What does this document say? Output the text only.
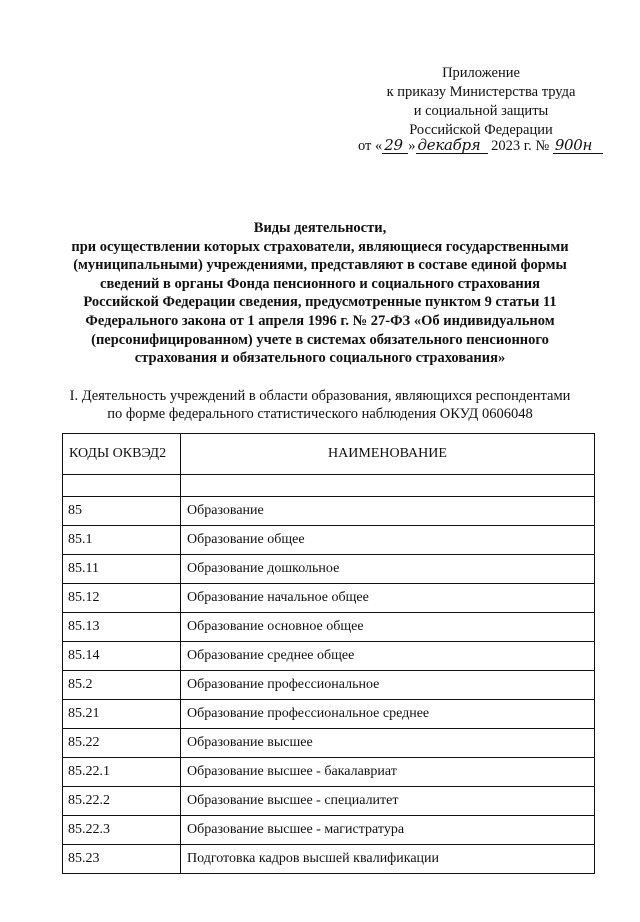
Приложение
к приказу Министерства труда
и социальной защиты
Российской Федерации
от « 29 » декабря 2023 г. № 900н
Виды деятельности,
при осуществлении которых страхователи, являющиеся государственными
(муниципальными) учреждениями, представляют в составе единой формы
сведений в органы Фонда пенсионного и социального страхования
Российской Федерации сведения, предусмотренные пунктом 9 статьи 11
Федерального закона от 1 апреля 1996 г. № 27-ФЗ «Об индивидуальном
(персонифицированном) учете в системах обязательного пенсионного
страхования и обязательного социального страхования»
I. Деятельность учреждений в области образования, являющихся респондентами
по форме федерального статистического наблюдения ОКУД 0606048
КОДЫ ОКВЭД2	НАИМЕНОВАНИЕ

85	Образование
85.1	Образование общее
85.11	Образование дошкольное
85.12	Образование начальное общее
85.13	Образование основное общее
85.14	Образование среднее общее
85.2	Образование профессиональное
85.21	Образование профессиональное среднее
85.22	Образование высшее
85.22.1	Образование высшее - бакалавриат
85.22.2	Образование высшее - специалитет
85.22.3	Образование высшее - магистратура
85.23	Подготовка кадров высшей квалификации
